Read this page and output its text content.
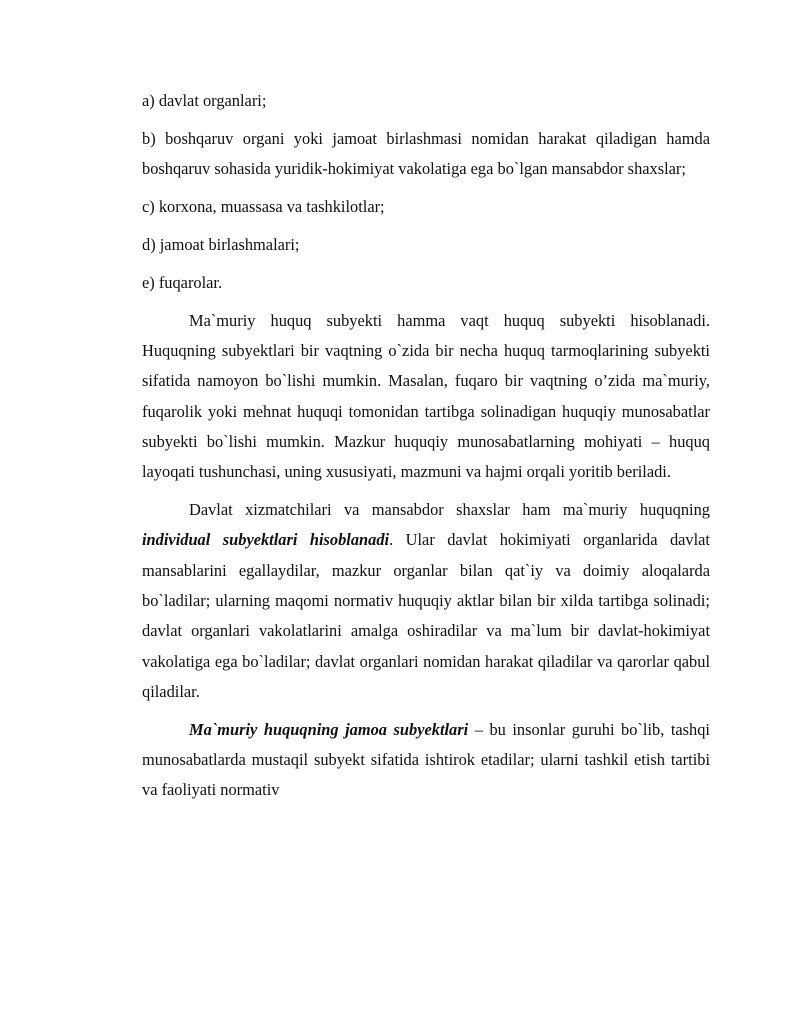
a) davlat organlari;

b) boshqaruv organi yoki jamoat birlashmasi nomidan harakat qiladigan hamda boshqaruv sohasida yuridik-hokimiyat vakolatiga ega bo`lgan mansabdor shaxslar;

c) korxona, muassasa va tashkilotlar;

d) jamoat birlashmalari;

e) fuqarolar.

Ma`muriy huquq subyekti hamma vaqt huquq subyekti hisoblanadi. Huquqning subyektlari bir vaqtning o`zida bir necha huquq tarmoqlarining subyekti sifatida namoyon bo`lishi mumkin. Masalan, fuqaro bir vaqtning o’zida ma`muriy, fuqarolik yoki mehnat huquqi tomonidan tartibga solinadigan huquqiy munosabatlar subyekti bo`lishi mumkin. Mazkur huquqiy munosabatlarning mohiyati – huquq layoqati tushunchasi, uning xususiyati, mazmuni va hajmi orqali yoritib beriladi.

Davlat xizmatchilari va mansabdor shaxslar ham ma`muriy huquqning individual subyektlari hisoblanadi. Ular davlat hokimiyati organlarida davlat mansablarini egallaydilar, mazkur organlar bilan qat`iy va doimiy aloqalarda bo`ladilar; ularning maqomi normativ huquqiy aktlar bilan bir xilda tartibga solinadi; davlat organlari vakolatlarini amalga oshiradilar va ma`lum bir davlat-hokimiyat vakolatiga ega bo`ladilar; davlat organlari nomidan harakat qiladilar va qarorlar qabul qiladilar.

Ma`muriy huquqning jamoa subyektlari – bu insonlar guruhi bo`lib, tashqi munosabatlarda mustaqil subyekt sifatida ishtirok etadilar; ularni tashkil etish tartibi va faoliyati normativ
